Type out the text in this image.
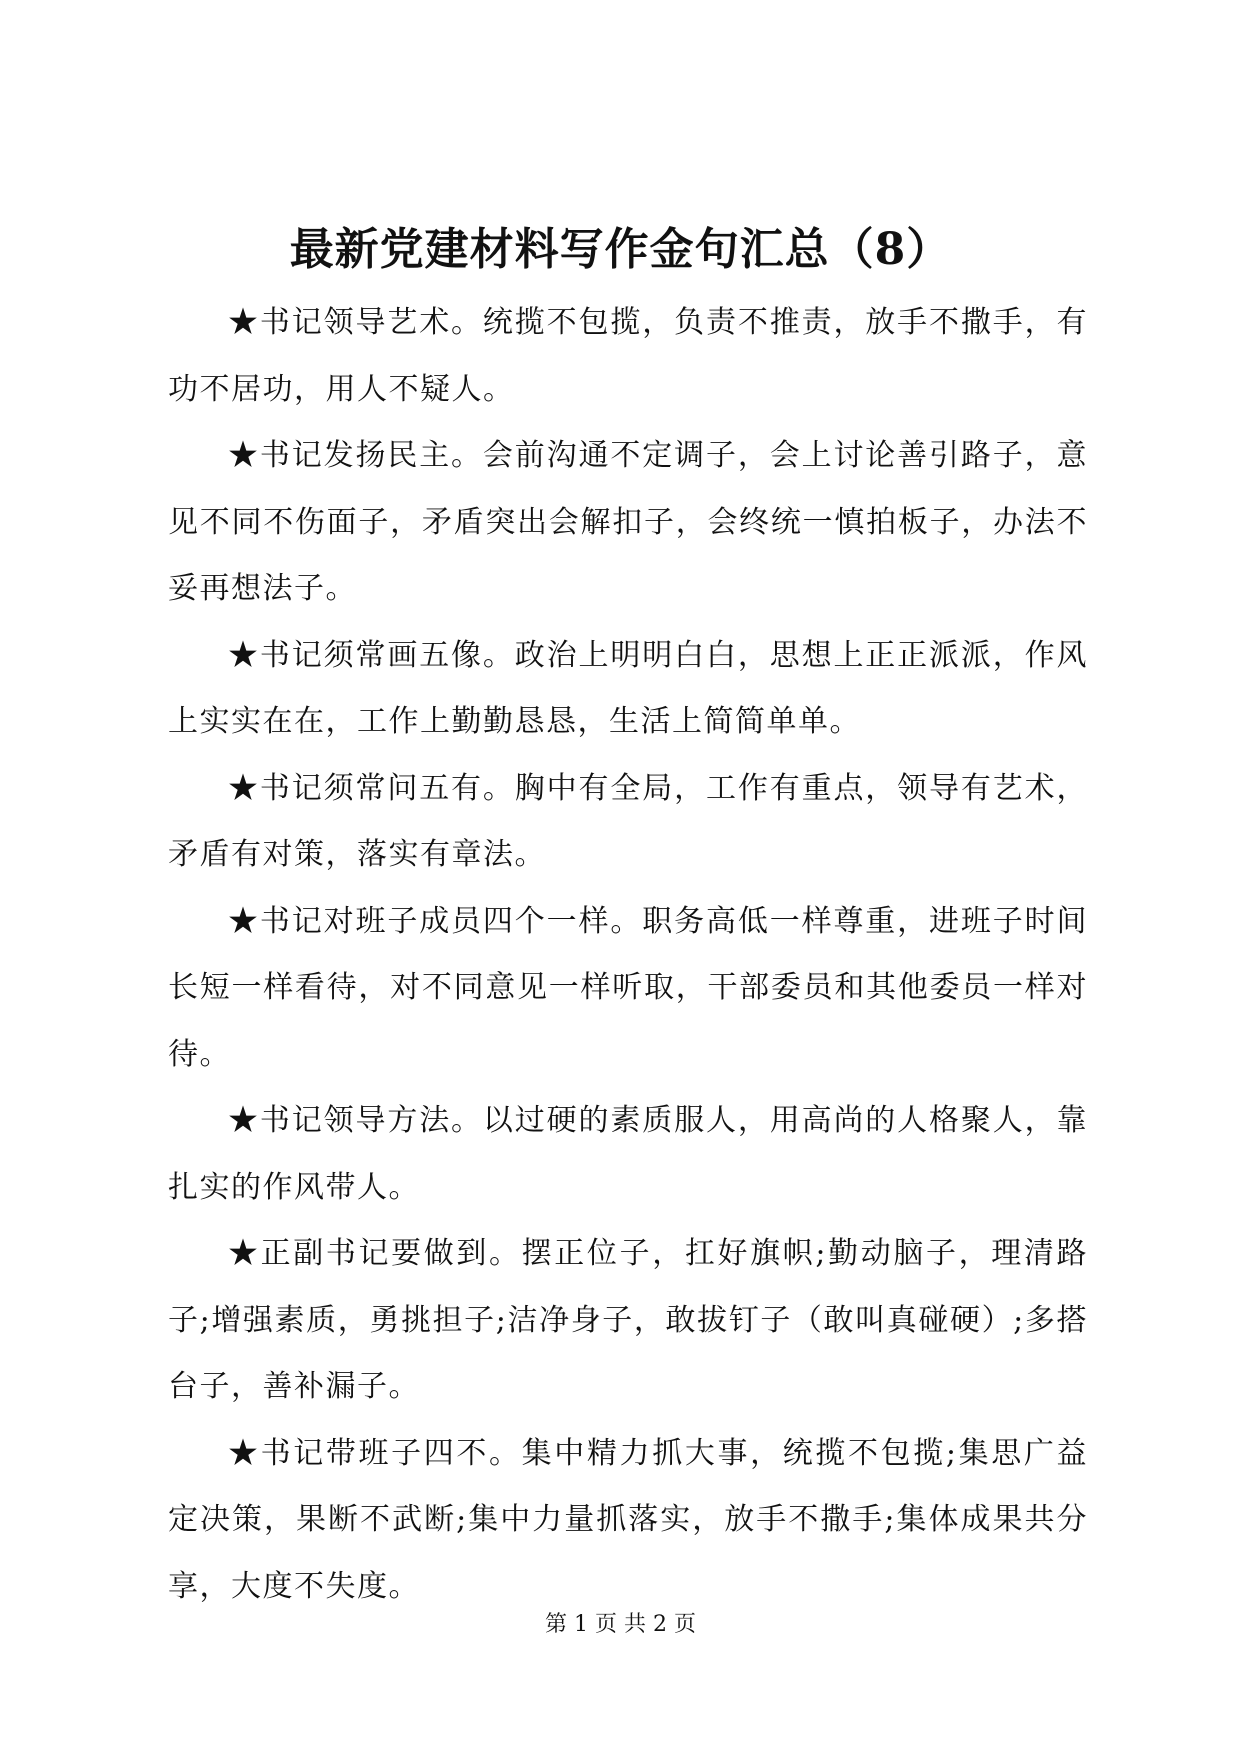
最新党建材料写作金句汇总（8）

★书记领导艺术。统揽不包揽，负责不推责，放手不撒手，有功不居功，用人不疑人。

★书记发扬民主。会前沟通不定调子，会上讨论善引路子，意见不同不伤面子，矛盾突出会解扣子，会终统一慎拍板子，办法不妥再想法子。

★书记须常画五像。政治上明明白白，思想上正正派派，作风上实实在在，工作上勤勤恳恳，生活上简简单单。

★书记须常问五有。胸中有全局，工作有重点，领导有艺术，矛盾有对策，落实有章法。

★书记对班子成员四个一样。职务高低一样尊重，进班子时间长短一样看待，对不同意见一样听取，干部委员和其他委员一样对待。

★书记领导方法。以过硬的素质服人，用高尚的人格聚人，靠扎实的作风带人。

★正副书记要做到。摆正位子，扛好旗帜;勤动脑子，理清路子;增强素质，勇挑担子;洁净身子，敢拔钉子（敢叫真碰硬）;多搭台子，善补漏子。

★书记带班子四不。集中精力抓大事，统揽不包揽;集思广益定决策，果断不武断;集中力量抓落实，放手不撒手;集体成果共分享，大度不失度。

第 1 页 共 2 页
